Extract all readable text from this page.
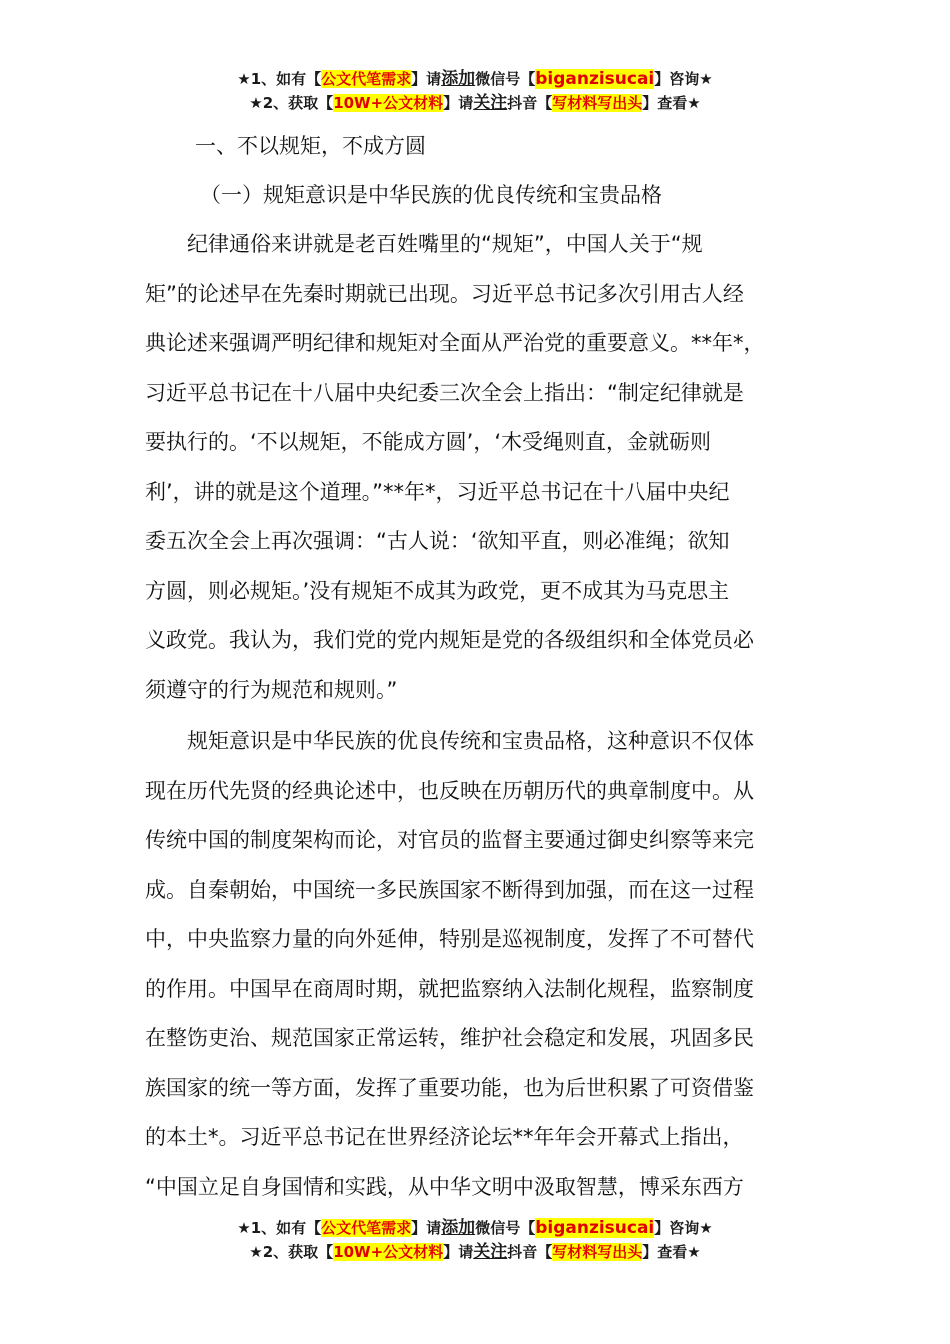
★1、如有【公文代笔需求】请添加微信号【biganzisucai】咨询★
★2、获取【10W+公文材料】请关注抖音【写材料写出头】查看★
一、不以规矩，不成方圆
（一）规矩意识是中华民族的优良传统和宝贵品格
　　纪律通俗来讲就是老百姓嘴里的“规矩”，中国人关于“规
矩”的论述早在先秦时期就已出现。习近平总书记多次引用古人经
典论述来强调严明纪律和规矩对全面从严治党的重要意义。**年*，
习近平总书记在十八届中央纪委三次全会上指出：“制定纪律就是
要执行的。‘不以规矩，不能成方圆’，‘木受绳则直，金就砺则
利’，讲的就是这个道理。”**年*，习近平总书记在十八届中央纪
委五次全会上再次强调：“古人说：‘欲知平直，则必准绳；欲知
方圆，则必规矩。’没有规矩不成其为政党，更不成其为马克思主
义政党。我认为，我们党的党内规矩是党的各级组织和全体党员必
须遵守的行为规范和规则。”
　　规矩意识是中华民族的优良传统和宝贵品格，这种意识不仅体
现在历代先贤的经典论述中，也反映在历朝历代的典章制度中。从
传统中国的制度架构而论，对官员的监督主要通过御史纠察等来完
成。自秦朝始，中国统一多民族国家不断得到加强，而在这一过程
中，中央监察力量的向外延伸，特别是巡视制度，发挥了不可替代
的作用。中国早在商周时期，就把监察纳入法制化规程，监察制度
在整饬吏治、规范国家正常运转，维护社会稳定和发展，巩固多民
族国家的统一等方面，发挥了重要功能，也为后世积累了可资借鉴
的本土*。习近平总书记在世界经济论坛**年年会开幕式上指出，
“中国立足自身国情和实践，从中华文明中汲取智慧，博采东西方
★1、如有【公文代笔需求】请添加微信号【biganzisucai】咨询★
★2、获取【10W+公文材料】请关注抖音【写材料写出头】查看★
